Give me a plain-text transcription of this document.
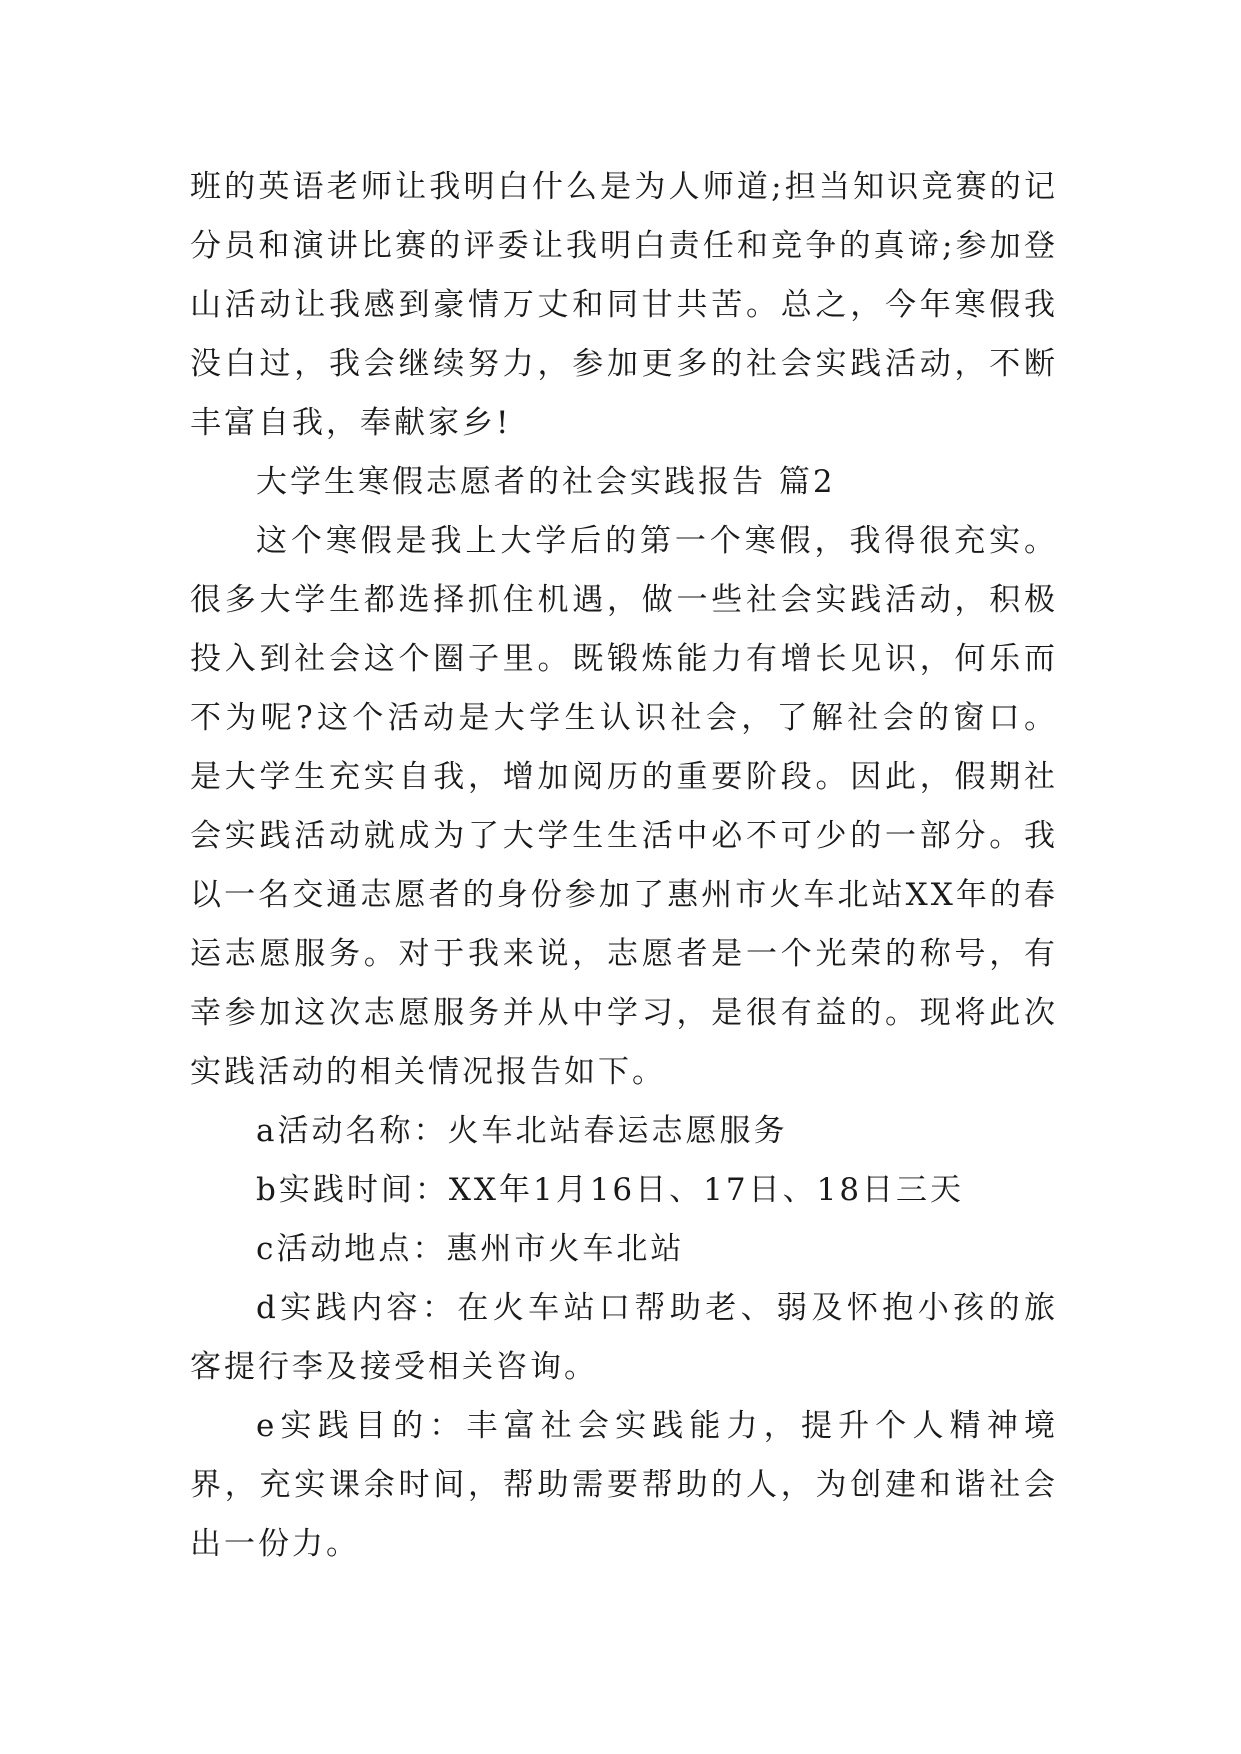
班的英语老师让我明白什么是为人师道;担当知识竞赛的记分员和演讲比赛的评委让我明白责任和竞争的真谛;参加登山活动让我感到豪情万丈和同甘共苦。总之，今年寒假我没白过，我会继续努力，参加更多的社会实践活动，不断丰富自我，奉献家乡!

大学生寒假志愿者的社会实践报告 篇2

这个寒假是我上大学后的第一个寒假，我得很充实。很多大学生都选择抓住机遇，做一些社会实践活动，积极投入到社会这个圈子里。既锻炼能力有增长见识，何乐而不为呢?这个活动是大学生认识社会，了解社会的窗口。是大学生充实自我，增加阅历的重要阶段。因此，假期社会实践活动就成为了大学生生活中必不可少的一部分。我以一名交通志愿者的身份参加了惠州市火车北站XX年的春运志愿服务。对于我来说，志愿者是一个光荣的称号，有幸参加这次志愿服务并从中学习，是很有益的。现将此次实践活动的相关情况报告如下。

a活动名称：火车北站春运志愿服务

b实践时间：XX年1月16日、17日、18日三天

c活动地点：惠州市火车北站

d实践内容：在火车站口帮助老、弱及怀抱小孩的旅客提行李及接受相关咨询。

e实践目的：丰富社会实践能力，提升个人精神境界，充实课余时间，帮助需要帮助的人，为创建和谐社会出一份力。
